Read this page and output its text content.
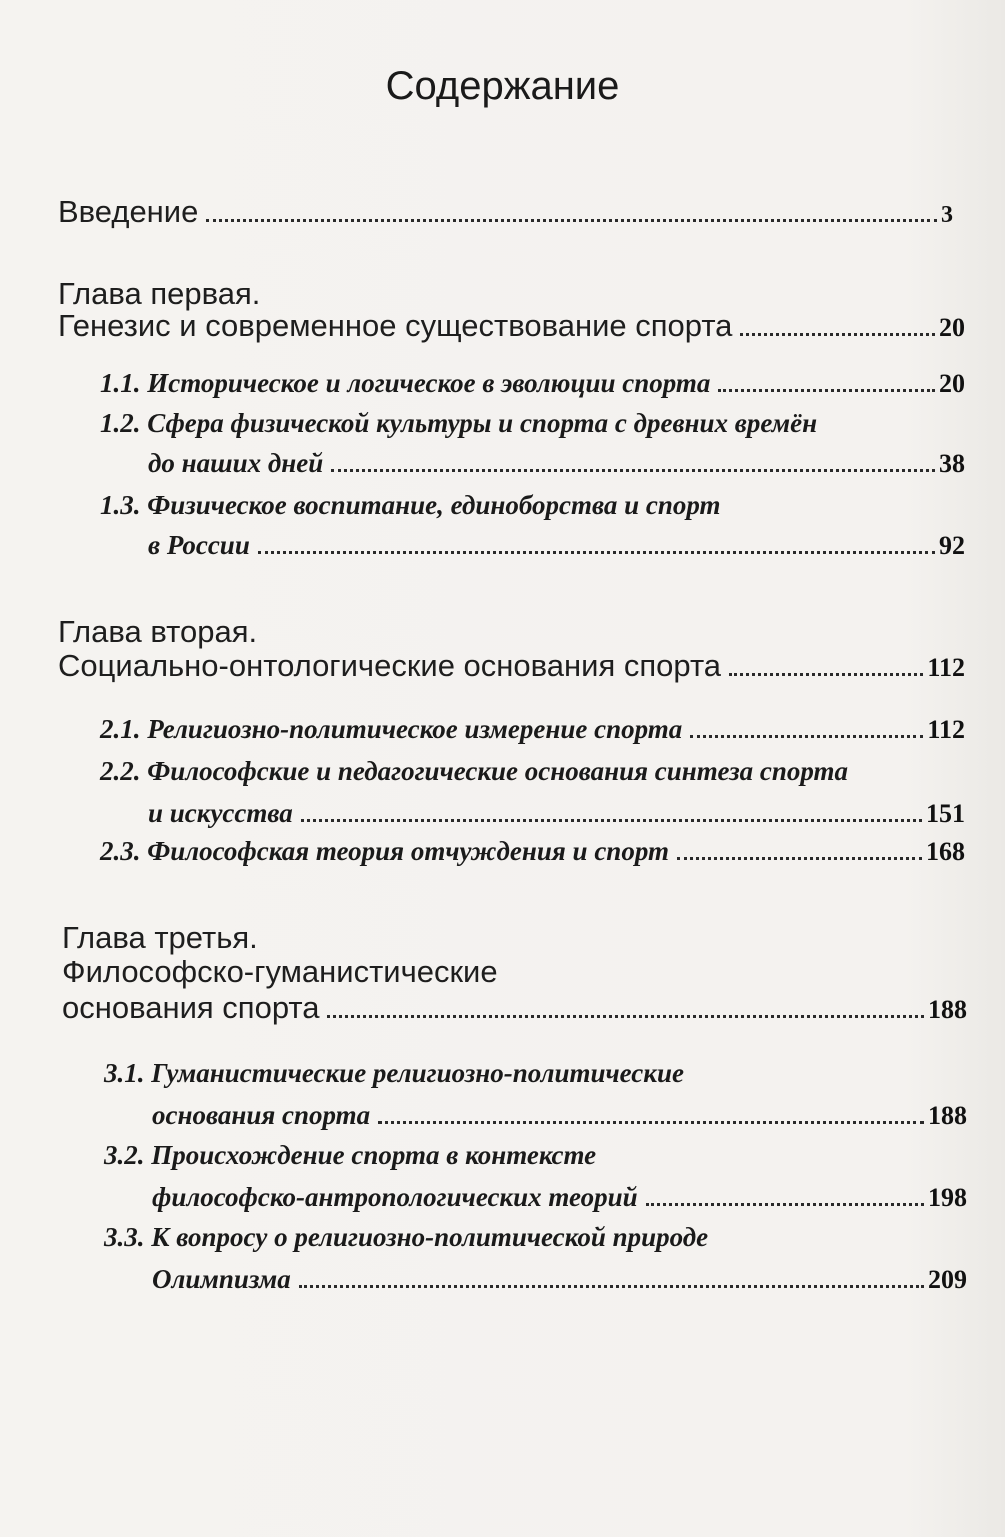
Содержание
Введение	3
Глава первая.
Генезис и современное существование спорта	20
1.1.
Историческое и логическое в эволюции спорта	20
1.2.
Сфера физической культуры и спорта с древних времён
до наших дней	38
1.3.
Физическое воспитание, единоборства и спорт
в России	92
Глава вторая.
Социально-онтологические основания спорта	112
2.1.
Религиозно-политическое измерение спорта	112
2.2.
Философские и педагогические основания синтеза спорта
и искусства	151
2.3.
Философская теория отчуждения и спорт	168
Глава третья.
Философско-гуманистические
основания спорта	188
3.1.
Гуманистические религиозно-политические
основания спорта	188
3.2.
Происхождение спорта в контексте
философско-антропологических теорий	198
3.3.
К вопросу о религиозно-политической природе
Олимпизма	209
